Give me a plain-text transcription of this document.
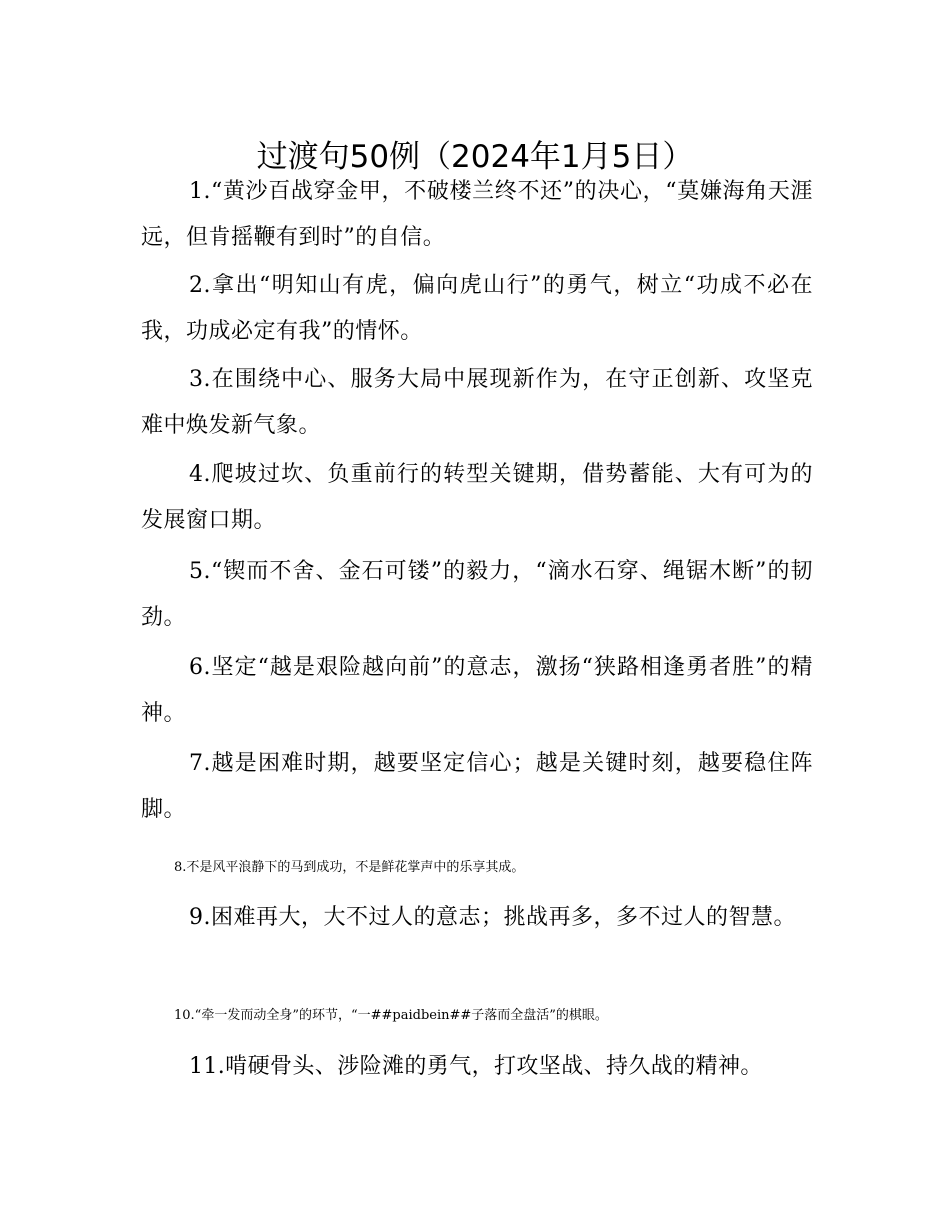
过渡句50例（2024年1月5日）

1.“黄沙百战穿金甲，不破楼兰终不还”的决心，“莫嫌海角天涯远，但肯摇鞭有到时”的自信。

2.拿出“明知山有虎，偏向虎山行”的勇气，树立“功成不必在我，功成必定有我”的情怀。

3.在围绕中心、服务大局中展现新作为，在守正创新、攻坚克难中焕发新气象。

4.爬坡过坎、负重前行的转型关键期，借势蓄能、大有可为的发展窗口期。

5.“锲而不舍、金石可镂”的毅力，“滴水石穿、绳锯木断”的韧劲。

6.坚定“越是艰险越向前”的意志，激扬“狭路相逢勇者胜”的精神。

7.越是困难时期，越要坚定信心；越是关键时刻，越要稳住阵脚。

8.不是风平浪静下的马到成功，不是鲜花掌声中的乐享其成。

9.困难再大，大不过人的意志；挑战再多，多不过人的智慧。

10.“牵一发而动全身”的环节，“一##paidbein##子落而全盘活”的棋眼。

11.啃硬骨头、涉险滩的勇气，打攻坚战、持久战的精神。
